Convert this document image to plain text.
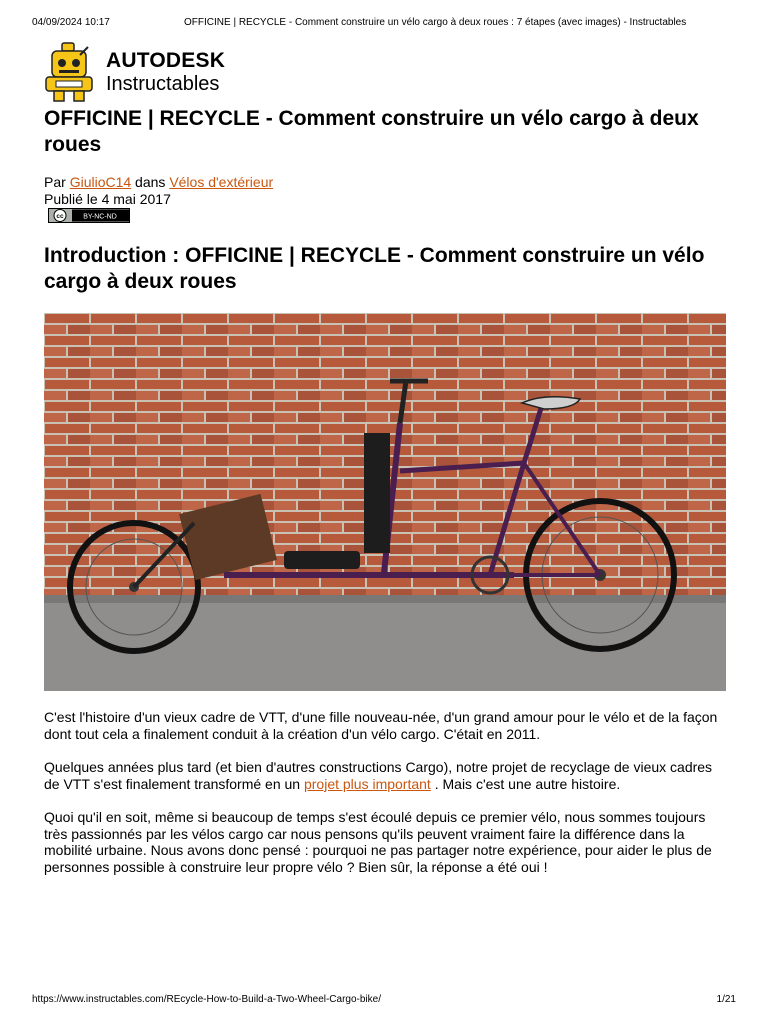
04/09/2024 10:17	OFFICINE | RECYCLE - Comment construire un vélo cargo à deux roues : 7 étapes (avec images) - Instructables
AUTODESK
Instructables
OFFICINE | RECYCLE - Comment construire un vélo cargo à deux roues
Par GiulioC14 dans Vélos d'extérieur
Publié le 4 mai 2017
cc	BY-NC-ND
Introduction : OFFICINE | RECYCLE - Comment construire un vélo cargo à deux roues

C'est l'histoire d'un vieux cadre de VTT, d'une fille nouveau-née, d'un grand amour pour le vélo et de la façon dont tout cela a finalement conduit à la création d'un vélo cargo. C'était en 2011.

Quelques années plus tard (et bien d'autres constructions Cargo), notre projet de recyclage de vieux cadres de VTT s'est finalement transformé en un projet plus important . Mais c'est une autre histoire.

Quoi qu'il en soit, même si beaucoup de temps s'est écoulé depuis ce premier vélo, nous sommes toujours très passionnés par les vélos cargo car nous pensons qu'ils peuvent vraiment faire la différence dans la mobilité urbaine. Nous avons donc pensé : pourquoi ne pas partager notre expérience, pour aider le plus de personnes possible à construire leur propre vélo ? Bien sûr, la réponse a été oui !

https://www.instructables.com/REcycle-How-to-Build-a-Two-Wheel-Cargo-bike/	1/21
